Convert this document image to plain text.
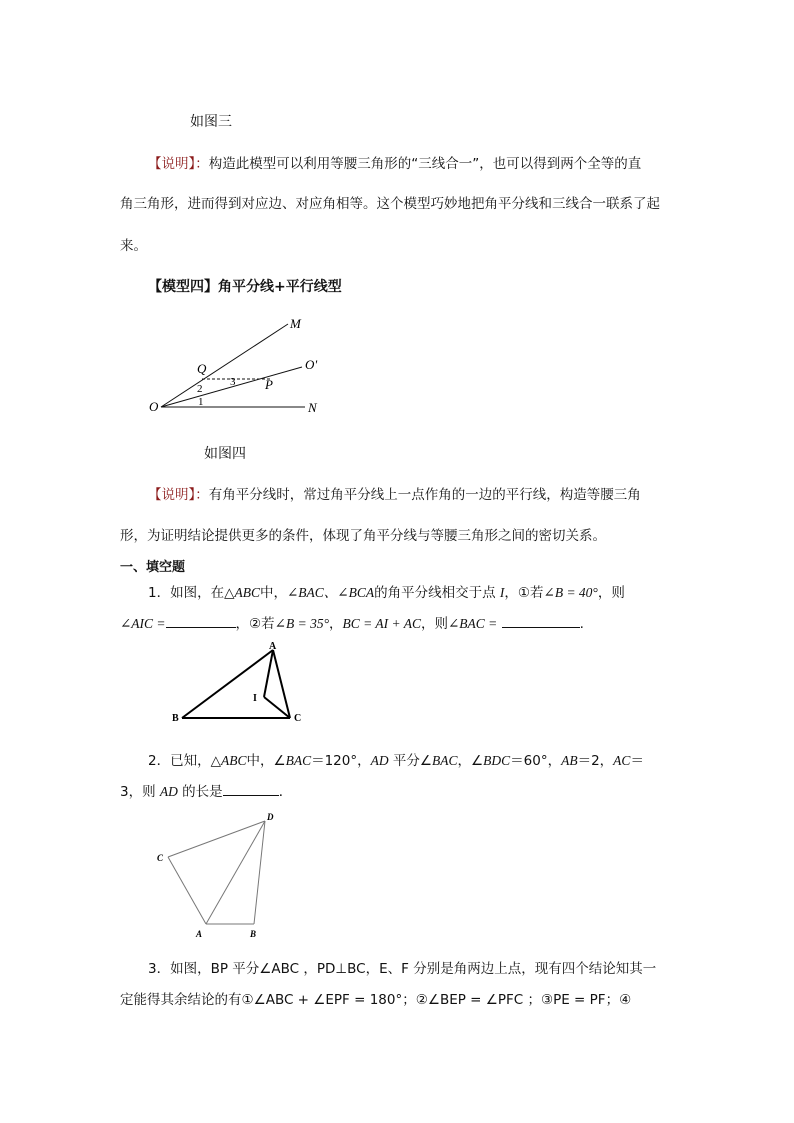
如图三
【说明】：构造此模型可以利用等腰三角形的“三线合一”，也可以得到两个全等的直
角三角形，进而得到对应边、对应角相等。这个模型巧妙地把角平分线和三线合一联系了起
来。
【模型四】角平分线+平行线型
M
O'
Q
P
O	N
2
3
1
如图四
【说明】：有角平分线时，常过角平分线上一点作角的一边的平行线，构造等腰三角
形，为证明结论提供更多的条件，体现了角平分线与等腰三角形之间的密切关系。
一、填空题
1．如图，在△ABC中，∠BAC、∠BCA的角平分线相交于点 I，①若∠B = 40°，则
∠AIC =	，②若∠B = 35°，BC = AI + AC，则∠BAC =	.
A
B	C
I
2．已知，△ABC中，∠BAC＝120°，AD 平分∠BAC，∠BDC＝60°，AB＝2，AC＝
3，则 AD 的长是	．
D
C
A	B
3．如图，BP 平分∠ABC ，PD⊥BC，E、F 分别是角两边上点，现有四个结论知其一
定能得其余结论的有①∠ABC + ∠EPF = 180°；②∠BEP = ∠PFC ；③PE = PF；④
